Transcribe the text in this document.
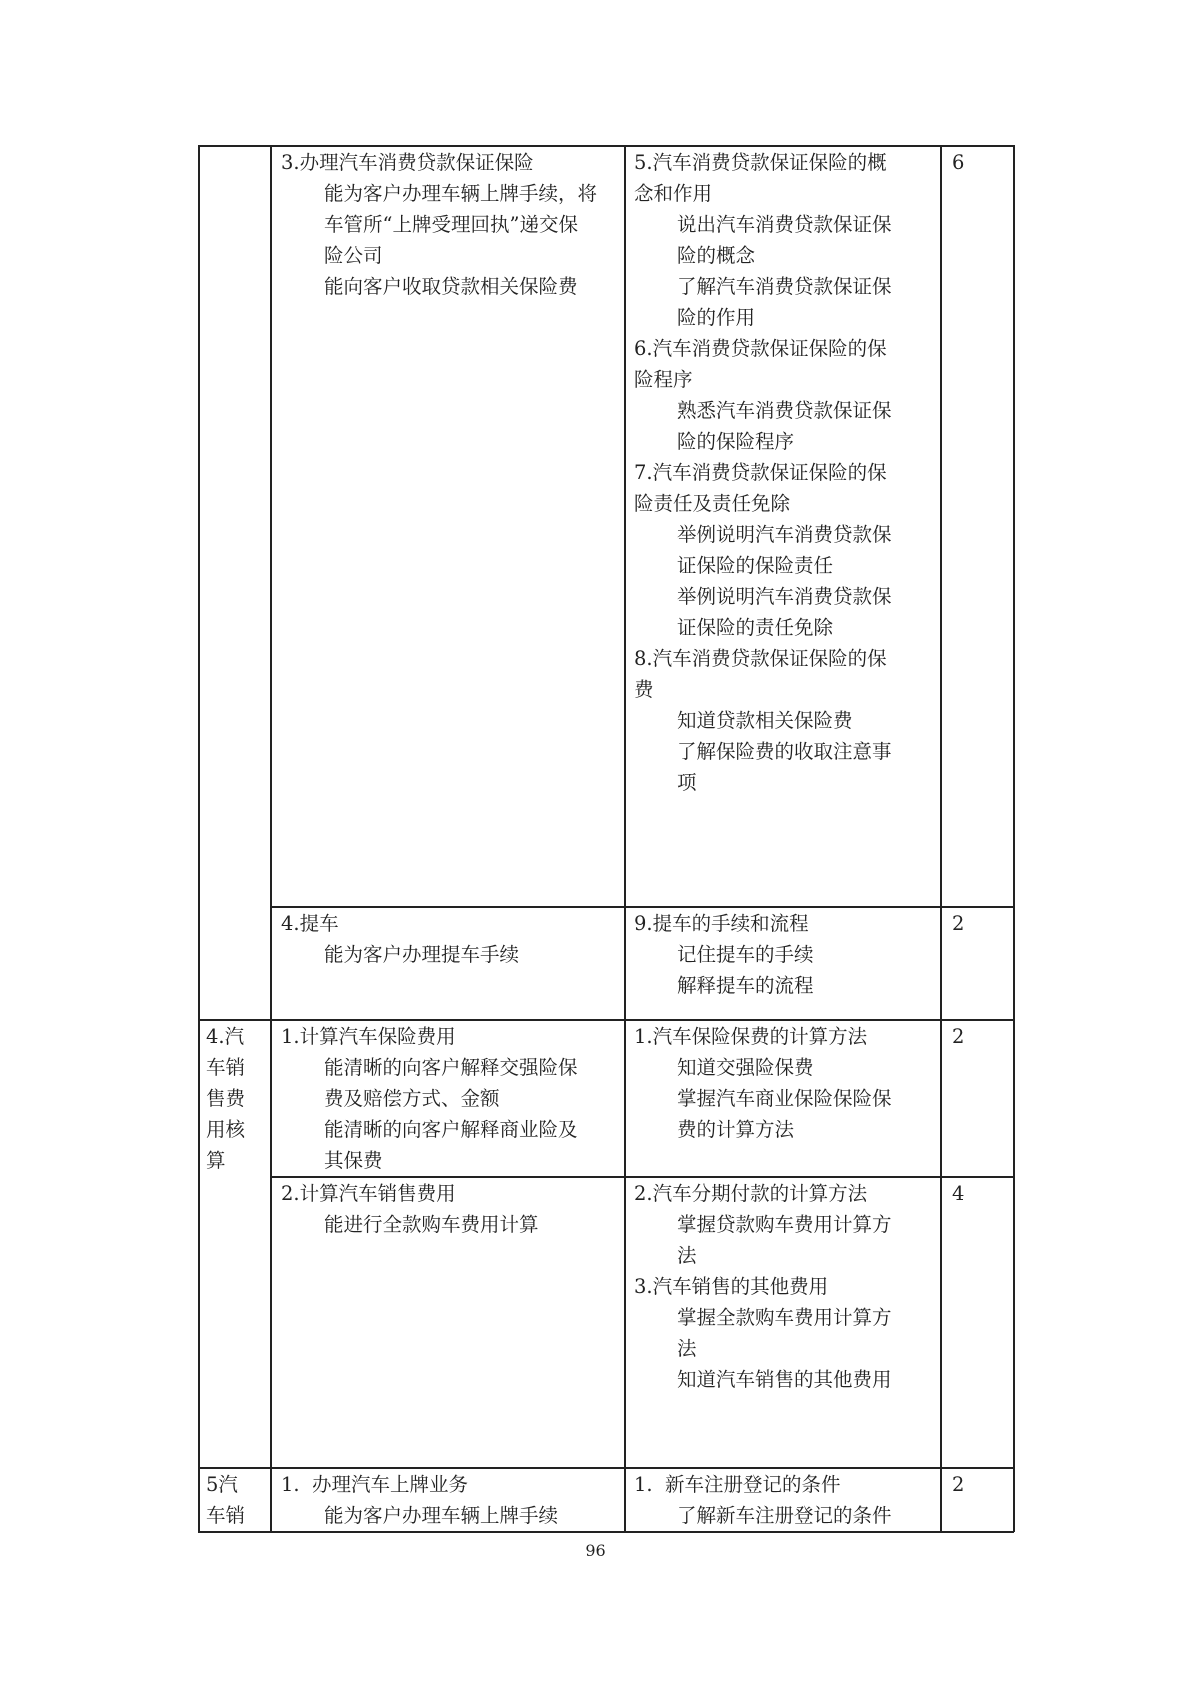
3.办理汽车消费贷款保证保险
能为客户办理车辆上牌手续，将
车管所“上牌受理回执”递交保
险公司
能向客户收取贷款相关保险费
5.汽车消费贷款保证保险的概
念和作用
说出汽车消费贷款保证保
险的概念
了解汽车消费贷款保证保
险的作用
6.汽车消费贷款保证保险的保
险程序
熟悉汽车消费贷款保证保
险的保险程序
7.汽车消费贷款保证保险的保
险责任及责任免除
举例说明汽车消费贷款保
证保险的保险责任
举例说明汽车消费贷款保
证保险的责任免除
8.汽车消费贷款保证保险的保
费
知道贷款相关保险费
了解保险费的收取注意事
项
6
4.提车
能为客户办理提车手续
9.提车的手续和流程
记住提车的手续
解释提车的流程
2
4.汽
车销
售费
用核
算
1.计算汽车保险费用
能清晰的向客户解释交强险保
费及赔偿方式、金额
能清晰的向客户解释商业险及
其保费
1.汽车保险保费的计算方法
知道交强险保费
掌握汽车商业保险保险保
费的计算方法
2
2.计算汽车销售费用
能进行全款购车费用计算
2.汽车分期付款的计算方法
掌握贷款购车费用计算方
法
3.汽车销售的其他费用
掌握全款购车费用计算方
法
知道汽车销售的其他费用
4
5汽
车销
1.  办理汽车上牌业务
能为客户办理车辆上牌手续
1.  新车注册登记的条件
了解新车注册登记的条件
2
96
